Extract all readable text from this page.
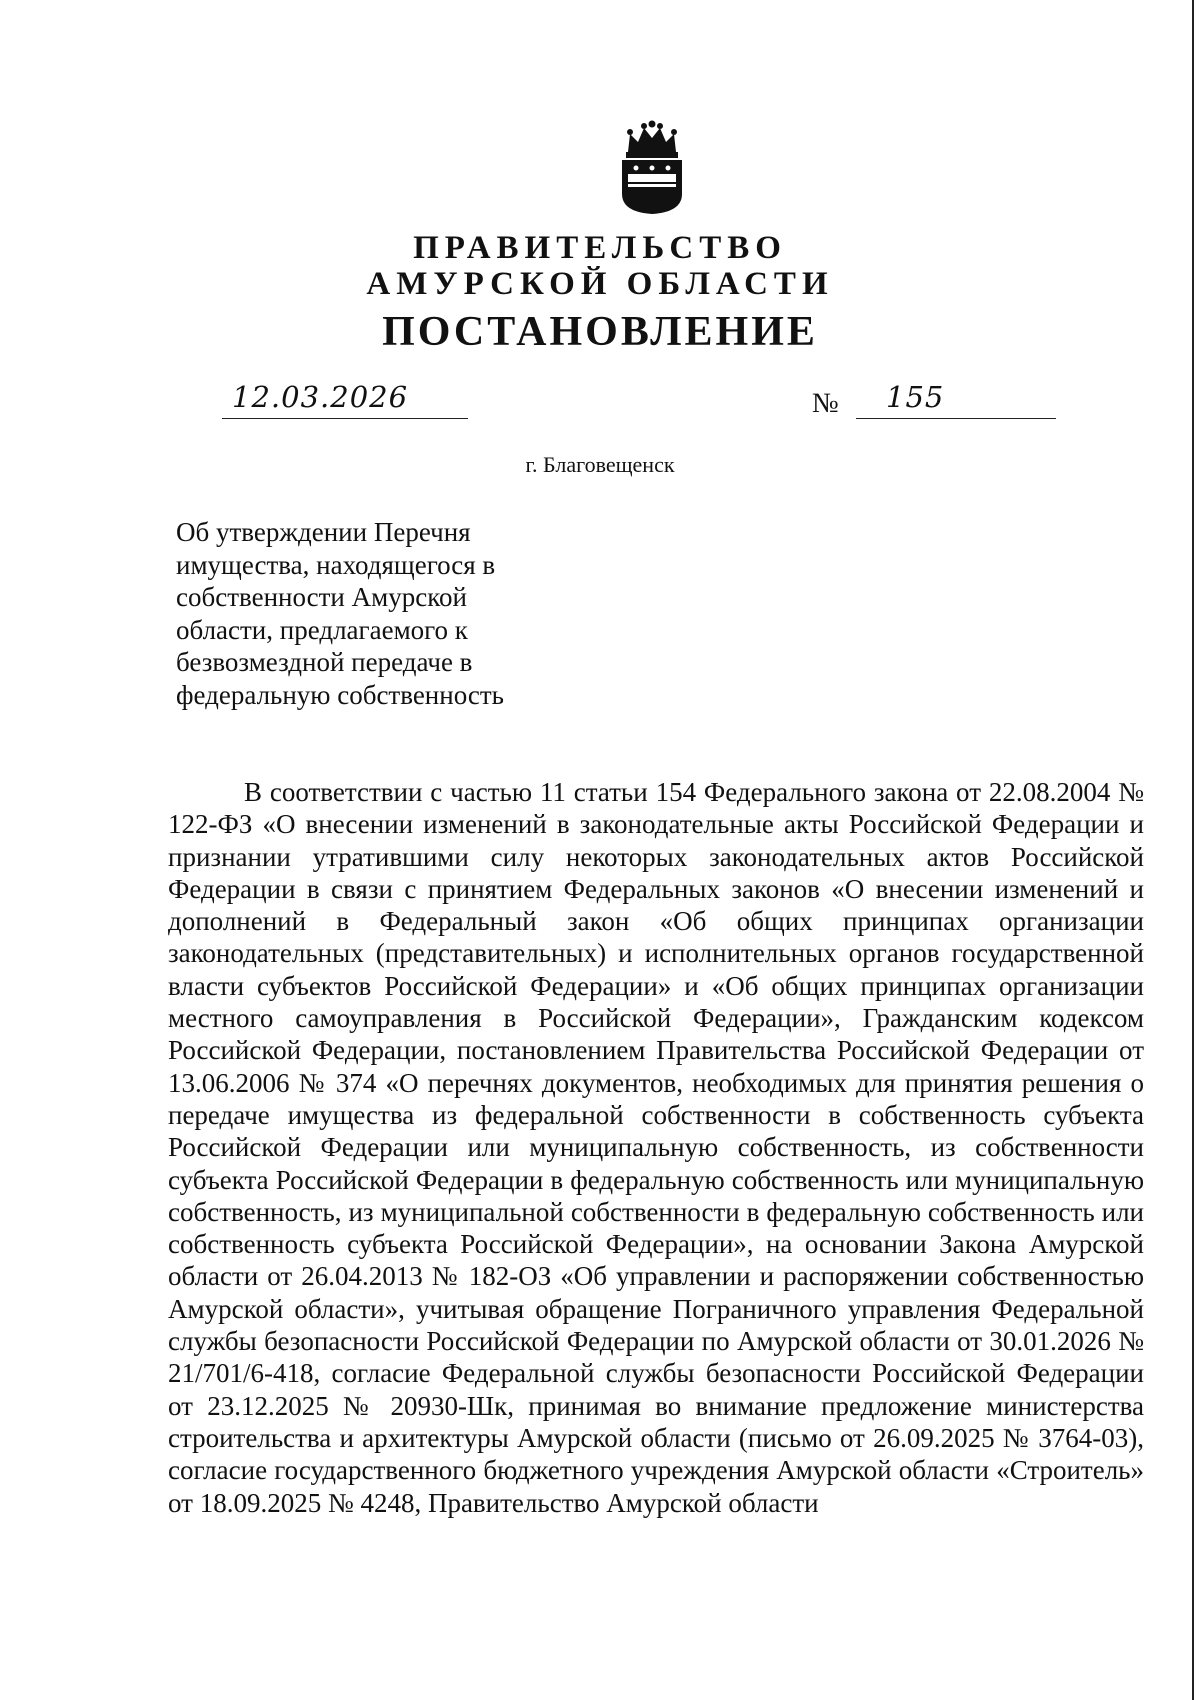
ПРАВИТЕЛЬСТВО
АМУРСКОЙ ОБЛАСТИ
ПОСТАНОВЛЕНИЕ
12.03.2026	№ 155
г. Благовещенск
Об утверждении Перечня
имущества, находящегося в
собственности Амурской
области, предлагаемого к
безвозмездной передаче в
федеральную собственность
В соответствии с частью 11 статьи 154 Федерального закона от 22.08.2004 № 122-ФЗ «О внесении изменений в законодательные акты Российской Федерации и признании утратившими силу некоторых законодательных актов Российской Федерации в связи с принятием Федеральных законов «О внесении изменений и дополнений в Федеральный закон «Об общих принципах организации законодательных (представительных) и исполнительных органов государственной власти субъектов Российской Федерации» и «Об общих принципах организации местного самоуправления в Российской Федерации», Гражданским кодексом Российской Федерации, постановлением Правительства Российской Федерации от 13.06.2006 № 374 «О перечнях документов, необходимых для принятия решения о передаче имущества из федеральной собственности в собственность субъекта Российской Федерации или муниципальную собственность, из собственности субъекта Российской Федерации в федеральную собственность или муниципальную собственность, из муниципальной собственности в федеральную собственность или собственность субъекта Российской Федерации», на основании Закона Амурской области от 26.04.2013 № 182-ОЗ «Об управлении и распоряжении собственностью Амурской области», учитывая обращение Пограничного управления Федеральной службы безопасности Российской Федерации по Амурской области от 30.01.2026 № 21/701/6-418, согласие Федеральной службы безопасности Российской Федерации от 23.12.2025 № 20930-Шк, принимая во внимание предложение министерства строительства и архитектуры Амурской области (письмо от 26.09.2025 № 3764-03), согласие государственного бюджетного учреждения Амурской области «Строитель» от 18.09.2025 № 4248, Правительство Амурской области
